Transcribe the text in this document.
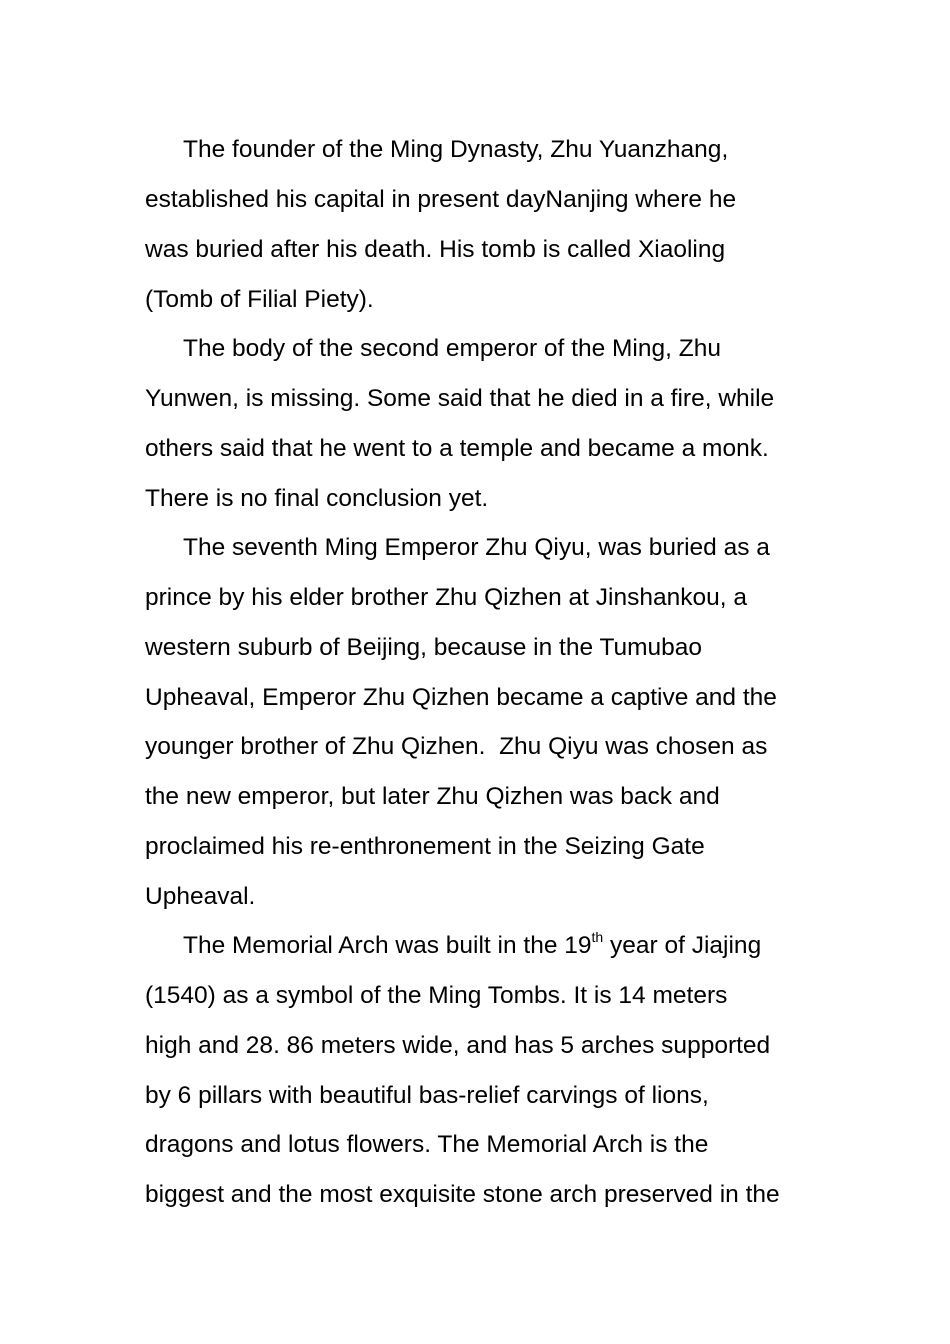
The founder of the Ming Dynasty, Zhu Yuanzhang,

established his capital in present dayNanjing where he

was buried after his death. His tomb is called Xiaoling

(Tomb of Filial Piety).

The body of the second emperor of the Ming, Zhu

Yunwen, is missing. Some said that he died in a fire, while

others said that he went to a temple and became a monk.

There is no final conclusion yet.

The seventh Ming Emperor Zhu Qiyu, was buried as a

prince by his elder brother Zhu Qizhen at Jinshankou, a

western suburb of Beijing, because in the Tumubao

Upheaval, Emperor Zhu Qizhen became a captive and the

younger brother of Zhu Qizhen.  Zhu Qiyu was chosen as

the new emperor, but later Zhu Qizhen was back and

proclaimed his re-enthronement in the Seizing Gate

Upheaval.

The Memorial Arch was built in the 19th year of Jiajing

(1540) as a symbol of the Ming Tombs. It is 14 meters

high and 28. 86 meters wide, and has 5 arches supported

by 6 pillars with beautiful bas-relief carvings of lions,

dragons and lotus flowers. The Memorial Arch is the

biggest and the most exquisite stone arch preserved in the
